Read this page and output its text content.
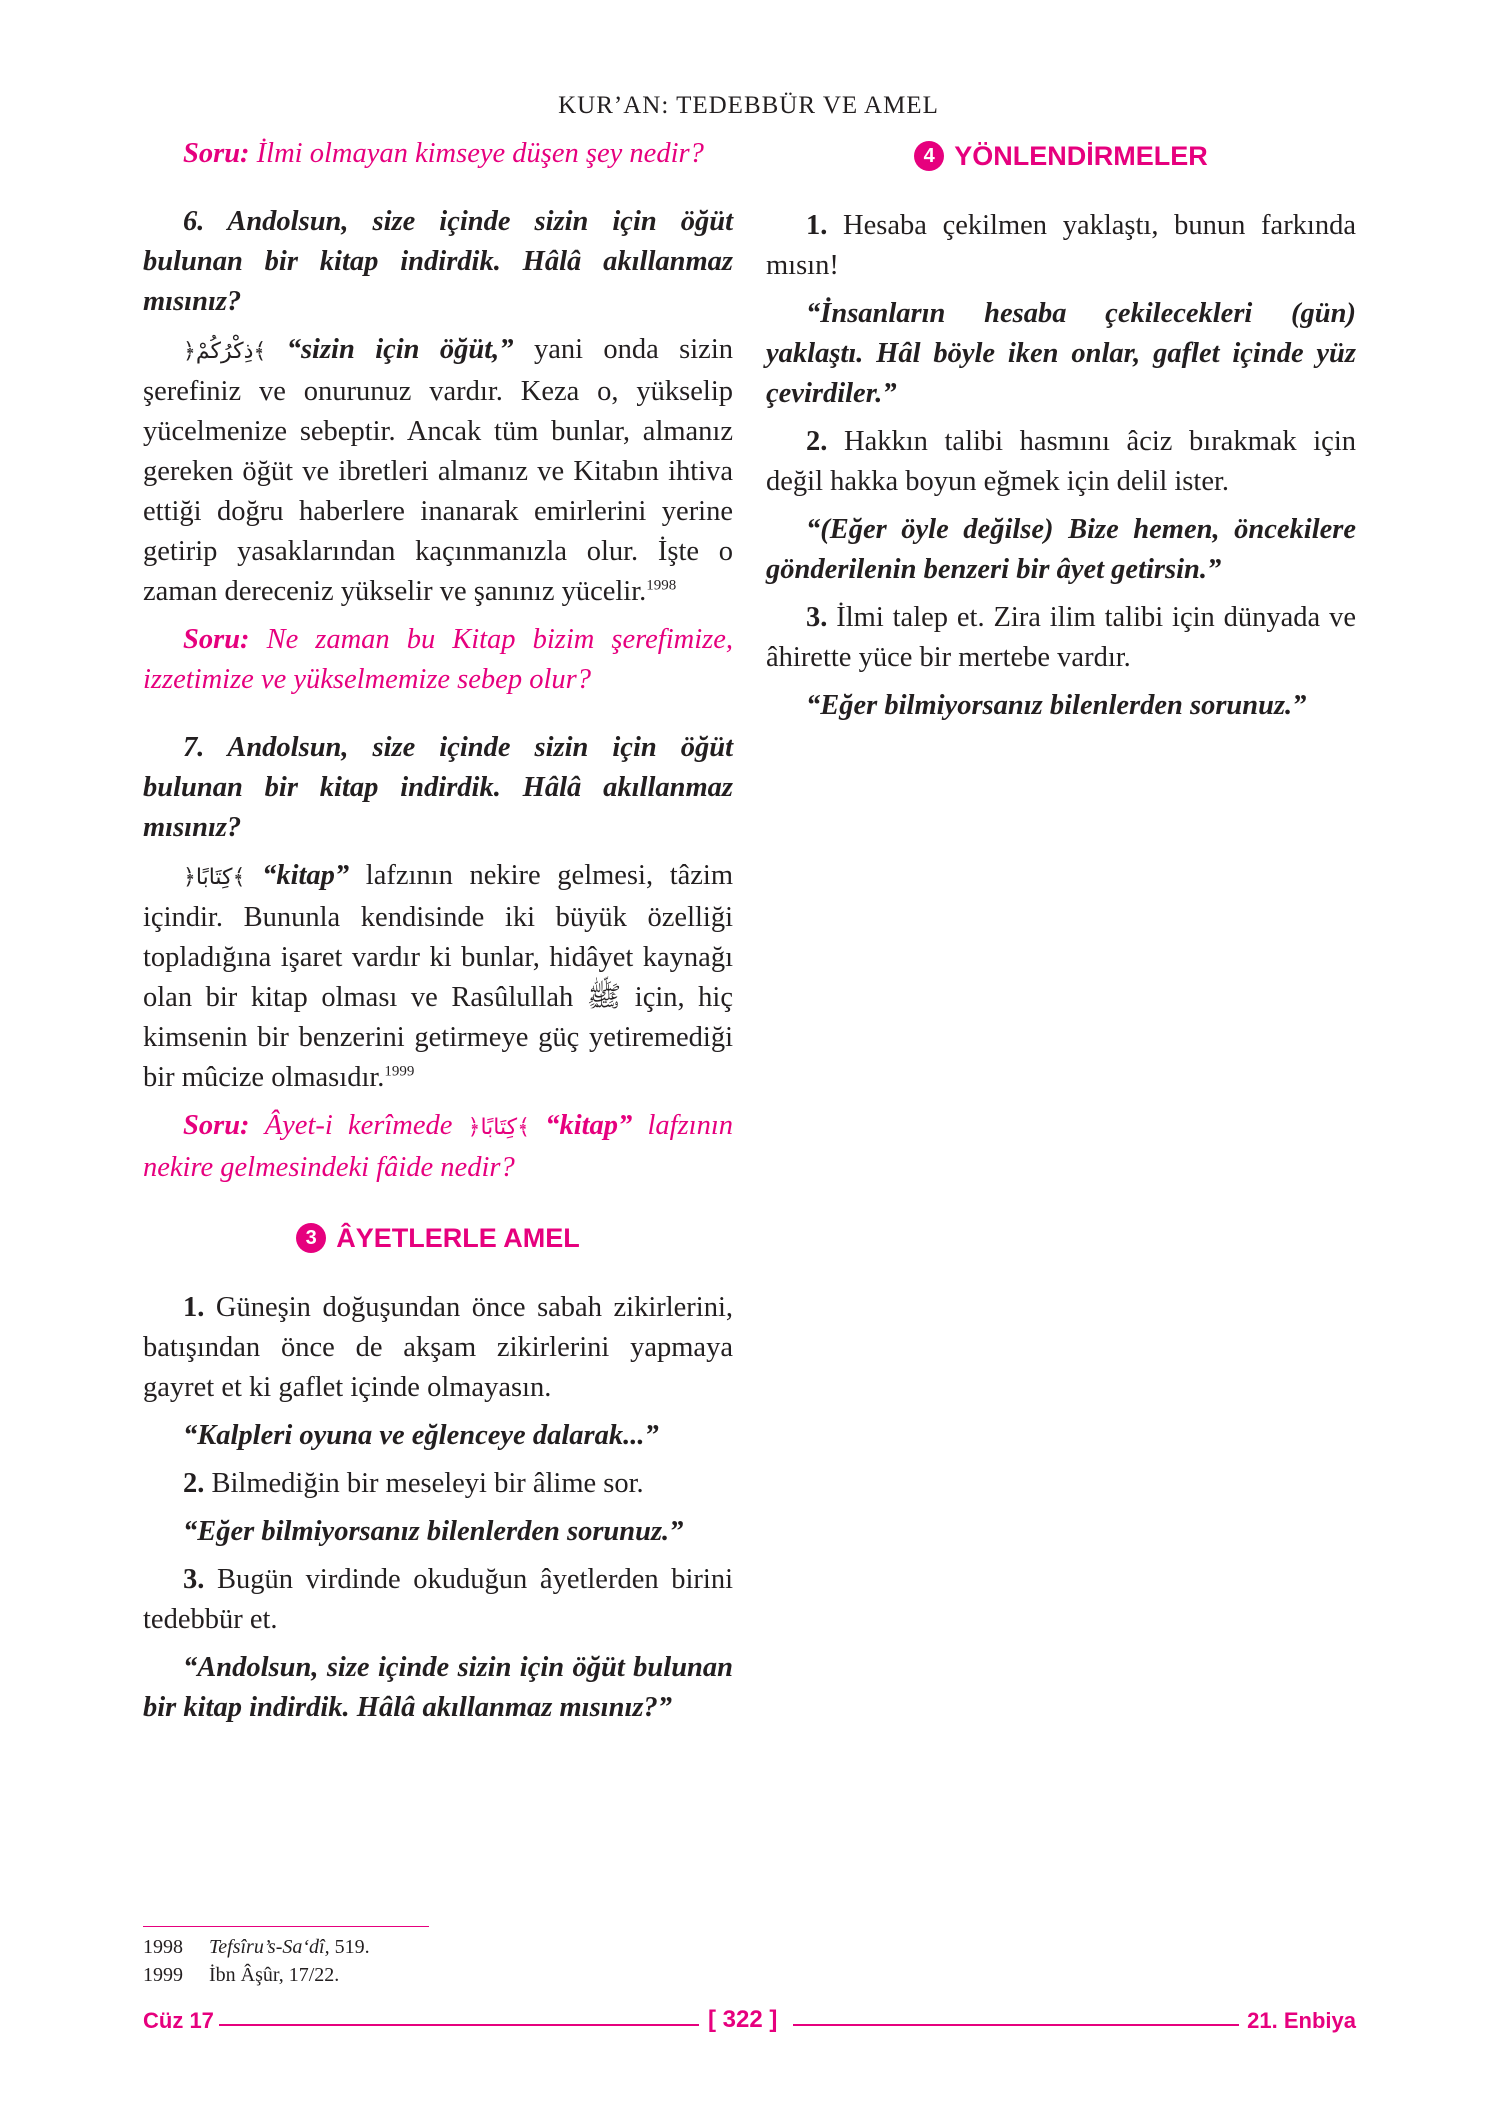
KUR’AN: TEDEBBÜR VE AMEL

Soru: İlmi olmayan kimseye düşen şey nedir?

6. Andolsun, size içinde sizin için öğüt bulunan bir kitap indirdik. Hâlâ akıllanmaz mısınız?

﴿ذِكْرُكُمْ﴾ “sizin için öğüt,” yani onda sizin şerefiniz ve onurunuz vardır. Keza o, yükselip yücelmenize sebeptir. Ancak tüm bunlar, almanız gereken öğüt ve ibretleri almanız ve Kitabın ihtiva ettiği doğru haberlere inanarak emirlerini yerine getirip yasaklarından kaçınmanızla olur. İşte o zaman dereceniz yükselir ve şanınız yücelir.$^{1998}$

Soru: Ne zaman bu Kitap bizim şerefimize, izzetimize ve yükselmemize sebep olur?

7. Andolsun, size içinde sizin için öğüt bulunan bir kitap indirdik. Hâlâ akıllanmaz mısınız?

﴿كِتَابًا﴾ “kitap” lafzının nekire gelmesi, tâzim içindir. Bununla kendisinde iki büyük özelliği topladığına işaret vardır ki bunlar, hidâyet kaynağı olan bir kitap olması ve Rasûlullah ﷺ için, hiç kimsenin bir benzerini getirmeye güç yetiremediği bir mûcize olmasıdır.$^{1999}$

Soru: Âyet-i kerîmede ﴿كِتَابًا﴾ “kitap” lafzının nekire gelmesindeki fâide nedir?

3 ÂYETLERLE AMEL

1. Güneşin doğuşundan önce sabah zikirlerini, batışından önce de akşam zikirlerini yapmaya gayret et ki gaflet içinde olmayasın.

“Kalpleri oyuna ve eğlenceye dalarak...”

2. Bilmediğin bir meseleyi bir âlime sor.

“Eğer bilmiyorsanız bilenlerden sorunuz.”

3. Bugün virdinde okuduğun âyetlerden birini tedebbür et.

“Andolsun, size içinde sizin için öğüt bulunan bir kitap indirdik. Hâlâ akıllanmaz mısınız?”

4 YÖNLENDİRMELER

1. Hesaba çekilmen yaklaştı, bunun farkında mısın!

“İnsanların hesaba çekilecekleri (gün) yaklaştı. Hâl böyle iken onlar, gaflet içinde yüz çevirdiler.”

2. Hakkın talibi hasmını âciz bırakmak için değil hakka boyun eğmek için delil ister.

“(Eğer öyle değilse) Bize hemen, öncekilere gönderilenin benzeri bir âyet getirsin.”

3. İlmi talep et. Zira ilim talibi için dünyada ve âhirette yüce bir mertebe vardır.

“Eğer bilmiyorsanız bilenlerden sorunuz.”

1998 Tefsîru’s-Sa‘dî, 519.
1999 İbn Âşûr, 17/22.
Cüz 17	[ 322 ]	21. Enbiya
